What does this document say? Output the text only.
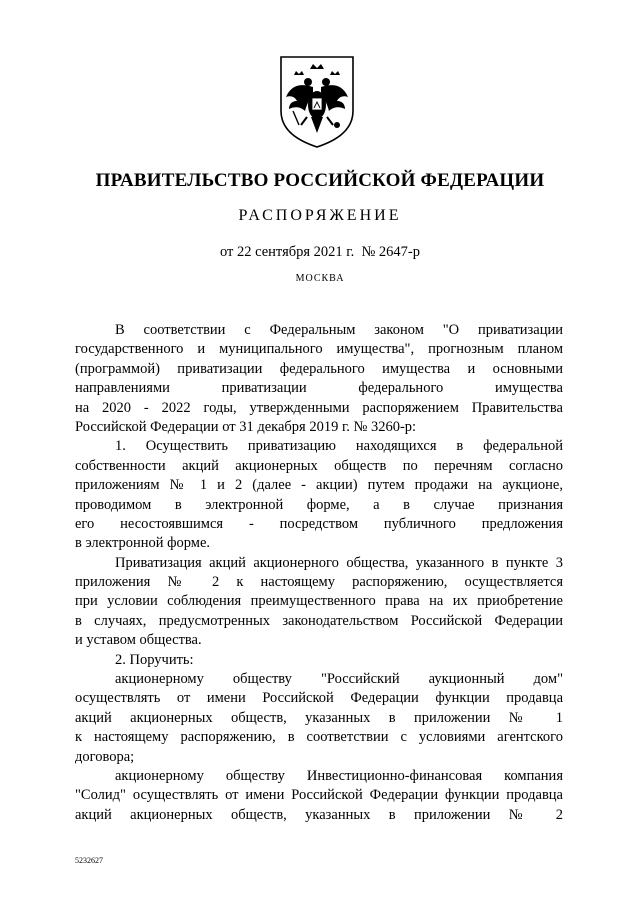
ПРАВИТЕЛЬСТВО РОССИЙСКОЙ ФЕДЕРАЦИИ
РАСПОРЯЖЕНИЕ
от 22 сентября 2021 г.  № 2647-р
МОСКВА
В соответствии с Федеральным законом "О приватизации
государственного и муниципального имущества", прогнозным планом
(программой) приватизации федерального имущества и основными
направлениями приватизации федерального имущества
на 2020 - 2022 годы, утвержденными распоряжением Правительства
Российской Федерации от 31 декабря 2019 г. № 3260-р:
1. Осуществить приватизацию находящихся в федеральной
собственности акций акционерных обществ по перечням согласно
приложениям № 1 и 2 (далее - акции) путем продажи на аукционе,
проводимом в электронной форме, а в случае признания
его несостоявшимся - посредством публичного предложения
в электронной форме.
Приватизация акций акционерного общества, указанного в пункте 3
приложения № 2 к настоящему распоряжению, осуществляется
при условии соблюдения преимущественного права на их приобретение
в случаях, предусмотренных законодательством Российской Федерации
и уставом общества.
2. Поручить:
акционерному обществу "Российский аукционный дом"
осуществлять от имени Российской Федерации функции продавца
акций акционерных обществ, указанных в приложении № 1
к настоящему распоряжению, в соответствии с условиями агентского
договора;
акционерному обществу Инвестиционно-финансовая компания
"Солид" осуществлять от имени Российской Федерации функции продавца
акций акционерных обществ, указанных в приложении № 2
5232627
